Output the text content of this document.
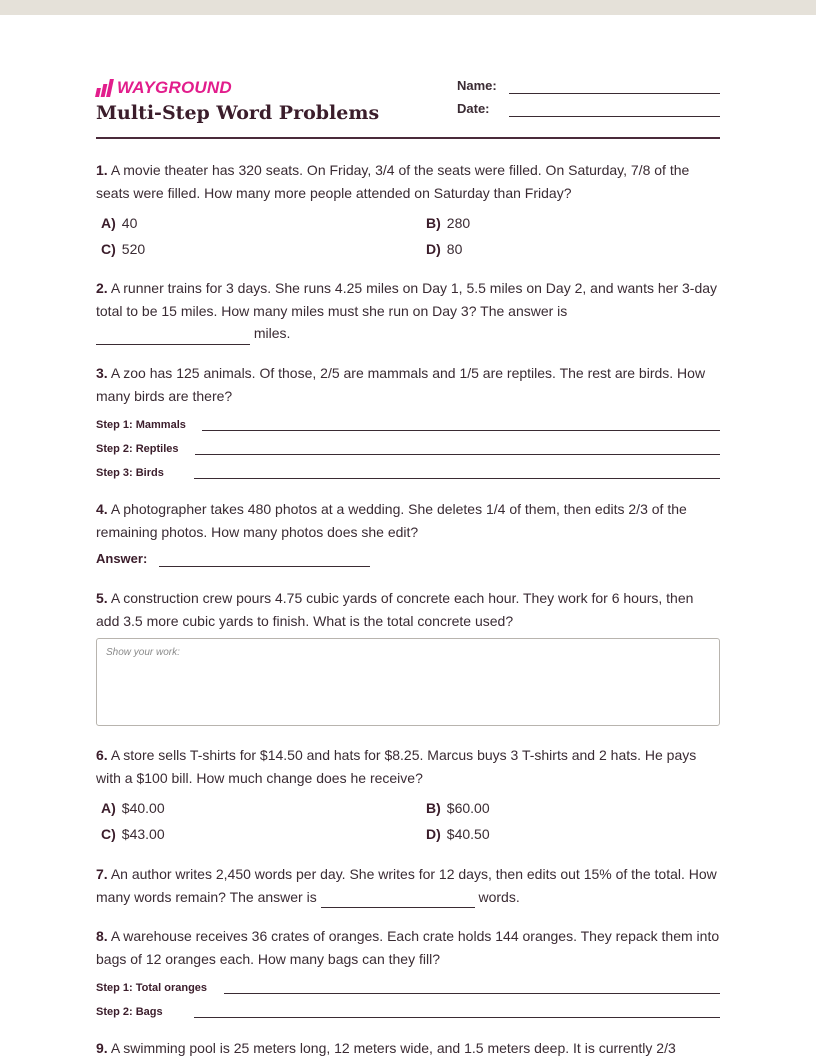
WAYGROUND
Multi-Step Word Problems
Name:
Date:
1. A movie theater has 320 seats. On Friday, 3/4 of the seats were filled. On Saturday, 7/8 of the seats were filled. How many more people attended on Saturday than Friday?
A) 40	B) 280
C) 520	D) 80
2. A runner trains for 3 days. She runs 4.25 miles on Day 1, 5.5 miles on Day 2, and wants her 3-day total to be 15 miles. How many miles must she run on Day 3? The answer is
miles.
3. A zoo has 125 animals. Of those, 2/5 are mammals and 1/5 are reptiles. The rest are birds. How many birds are there?
Step 1: Mammals
Step 2: Reptiles
Step 3: Birds
4. A photographer takes 480 photos at a wedding. She deletes 1/4 of them, then edits 2/3 of the remaining photos. How many photos does she edit?
Answer:
5. A construction crew pours 4.75 cubic yards of concrete each hour. They work for 6 hours, then add 3.5 more cubic yards to finish. What is the total concrete used?
Show your work:
6. A store sells T-shirts for $14.50 and hats for $8.25. Marcus buys 3 T-shirts and 2 hats. He pays with a $100 bill. How much change does he receive?
A) $40.00	B) $60.00
C) $43.00	D) $40.50
7. An author writes 2,450 words per day. She writes for 12 days, then edits out 15% of the total. How many words remain? The answer is	words.
8. A warehouse receives 36 crates of oranges. Each crate holds 144 oranges. They repack them into bags of 12 oranges each. How many bags can they fill?
Step 1: Total oranges
Step 2: Bags
9. A swimming pool is 25 meters long, 12 meters wide, and 1.5 meters deep. It is currently 2/3
